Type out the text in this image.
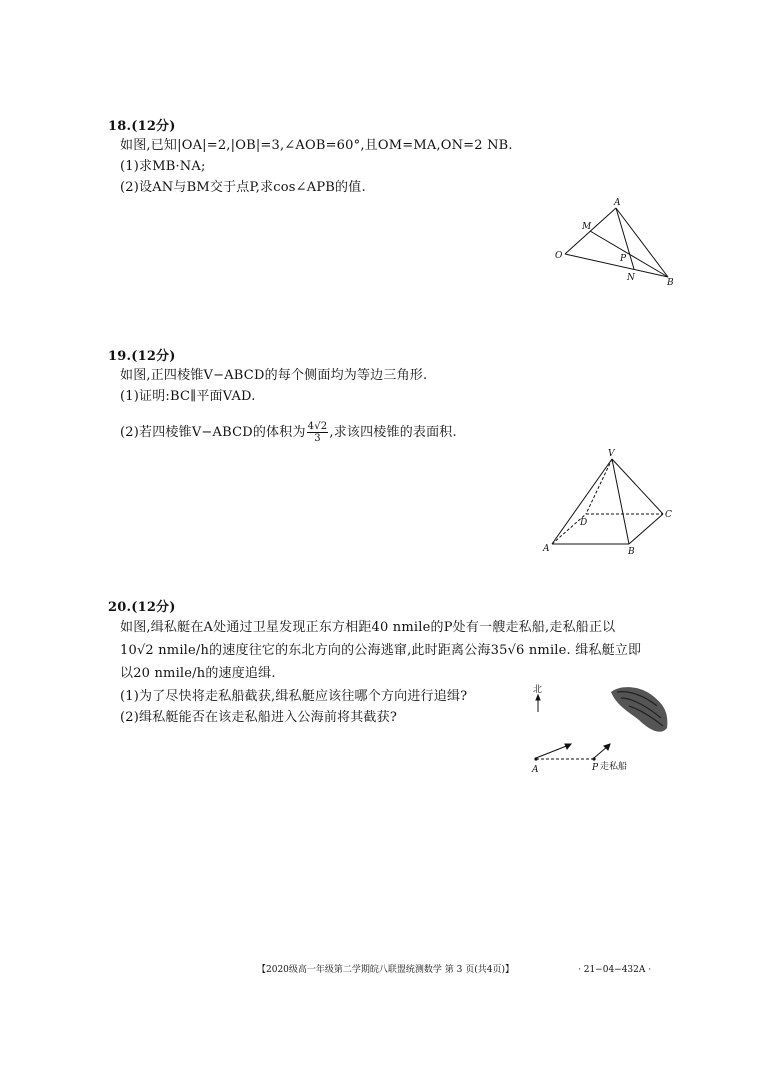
18.(12分)
如图,已知|OA|=2,|OB|=3,∠AOB=60°,且OM=MA,ON=2 NB.
(1)求MB·NA;
(2)设AN与BM交于点P,求cos∠APB的值.
O
A
M
P
N	B
19.(12分)
如图,正四棱锥V−ABCD的每个侧面均为等边三角形.
(1)证明:BC∥平面VAD.
(2)若四棱锥V−ABCD的体积为 $\frac{4√2}{3}$ ,求该四棱锥的表面积.
V
D
C
A	B
20.(12分)
如图,缉私艇在A处通过卫星发现正东方相距40 nmile的P处有一艘走私船,走私船正以
10√2 nmile/h的速度往它的东北方向的公海逃窜,此时距离公海35√6 nmile. 缉私艇立即
以20 nmile/h的速度追缉.
(1)为了尽快将走私船截获,缉私艇应该往哪个方向进行追缉?
(2)缉私艇能否在该走私船进入公海前将其截获?
北
A	P 走私船
【2020级高一年级第二学期皖八联盟统测数学 第 3 页(共4页)】	· 21−04−432A ·
